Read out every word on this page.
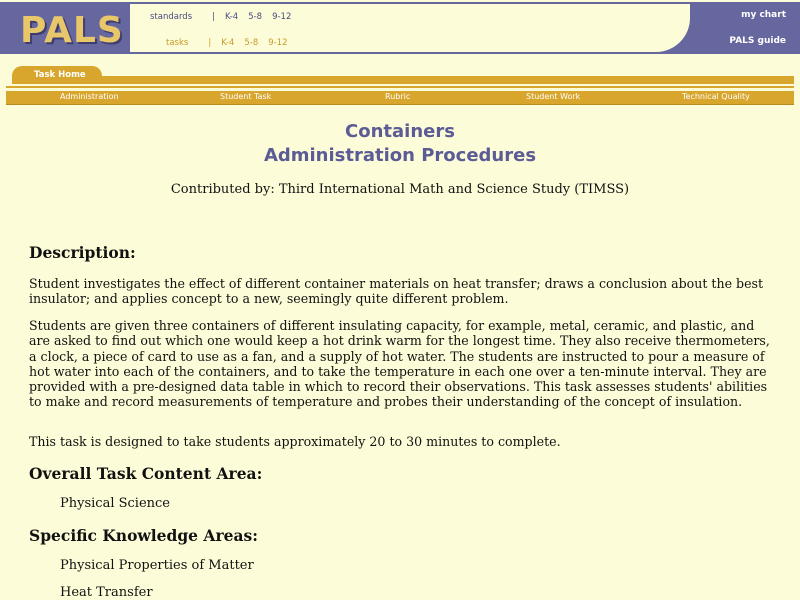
PALS	standards | K-4 5-8 9-12
tasks | K-4 5-8 9-12
my chart
PALS guide
Task Home
Administration	Student Task	Rubric	Student Work	Technical Quality
Containers
Administration Procedures
Contributed by: Third International Math and Science Study (TIMSS)
Description:
Student investigates the effect of different container materials on heat transfer; draws a conclusion about the best insulator; and applies concept to a new, seemingly quite different problem.
Students are given three containers of different insulating capacity, for example, metal, ceramic, and plastic, and are asked to find out which one would keep a hot drink warm for the longest time. They also receive thermometers, a clock, a piece of card to use as a fan, and a supply of hot water. The students are instructed to pour a measure of hot water into each of the containers, and to take the temperature in each one over a ten-minute interval. They are provided with a pre-designed data table in which to record their observations. This task assesses students' abilities to make and record measurements of temperature and probes their understanding of the concept of insulation.
This task is designed to take students approximately 20 to 30 minutes to complete.
Overall Task Content Area:
Physical Science
Specific Knowledge Areas:
Physical Properties of Matter
Heat Transfer
